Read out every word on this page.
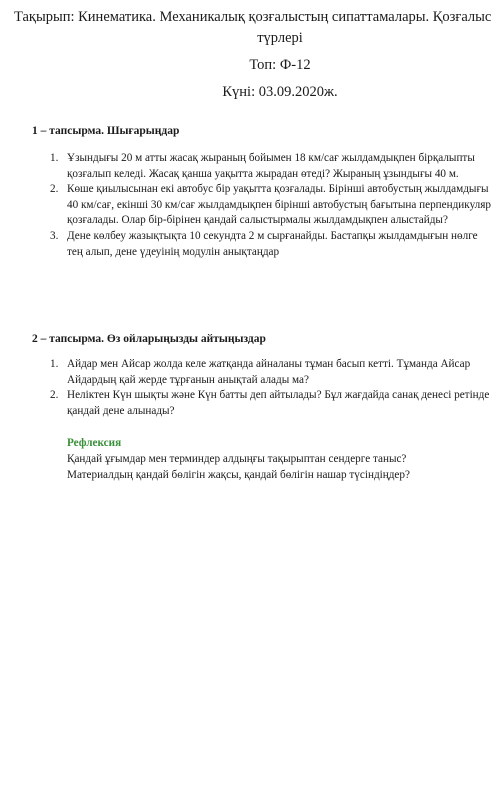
Тақырып: Кинематика. Механикалық қозғалыстың сипаттамалары. Қозғалыс
түрлері
Топ: Ф-12
Күні: 03.09.2020ж.
1 – тапсырма. Шығарыңдар
1. Ұзындығы 20 м атты жасақ жыраның бойымен 18 км/сағ жылдамдықпен бірқалыпты қозғалып келеді. Жасақ қанша уақытта жырадан өтеді? Жыраның ұзындығы 40 м.
2. Көше қиылысынан екі автобус бір уақытта қозғалады. Бірінші автобустың жылдамдығы 40 км/сағ, екінші 30 км/сағ жылдамдықпен бірінші автобустың бағытына перпендикуляр қозғалады. Олар бір-бірінен қандай салыстырмалы жылдамдықпен алыстайды?
3. Дене көлбеу жазықтықта 10 секундта 2 м сырғанайды. Бастапқы жылдамдығын нөлге тең алып, дене үдеуінің модулін анықтаңдар
2 – тапсырма. Өз ойларыңызды айтыңыздар
1. Айдар мен Айсар жолда келе жатқанда айналаны тұман басып кетті. Тұманда Айсар Айдардың қай жерде тұрғанын анықтай алады ма?
2. Неліктен Күн шықты және Күн батты деп айтылады? Бұл жағдайда санақ денесі ретінде қандай дене алынады?
Рефлексия
Қандай ұғымдар мен терминдер алдыңғы тақырыптан сендерге таныс?
Материалдың қандай бөлігін жақсы, қандай бөлігін нашар түсіндіңдер?
